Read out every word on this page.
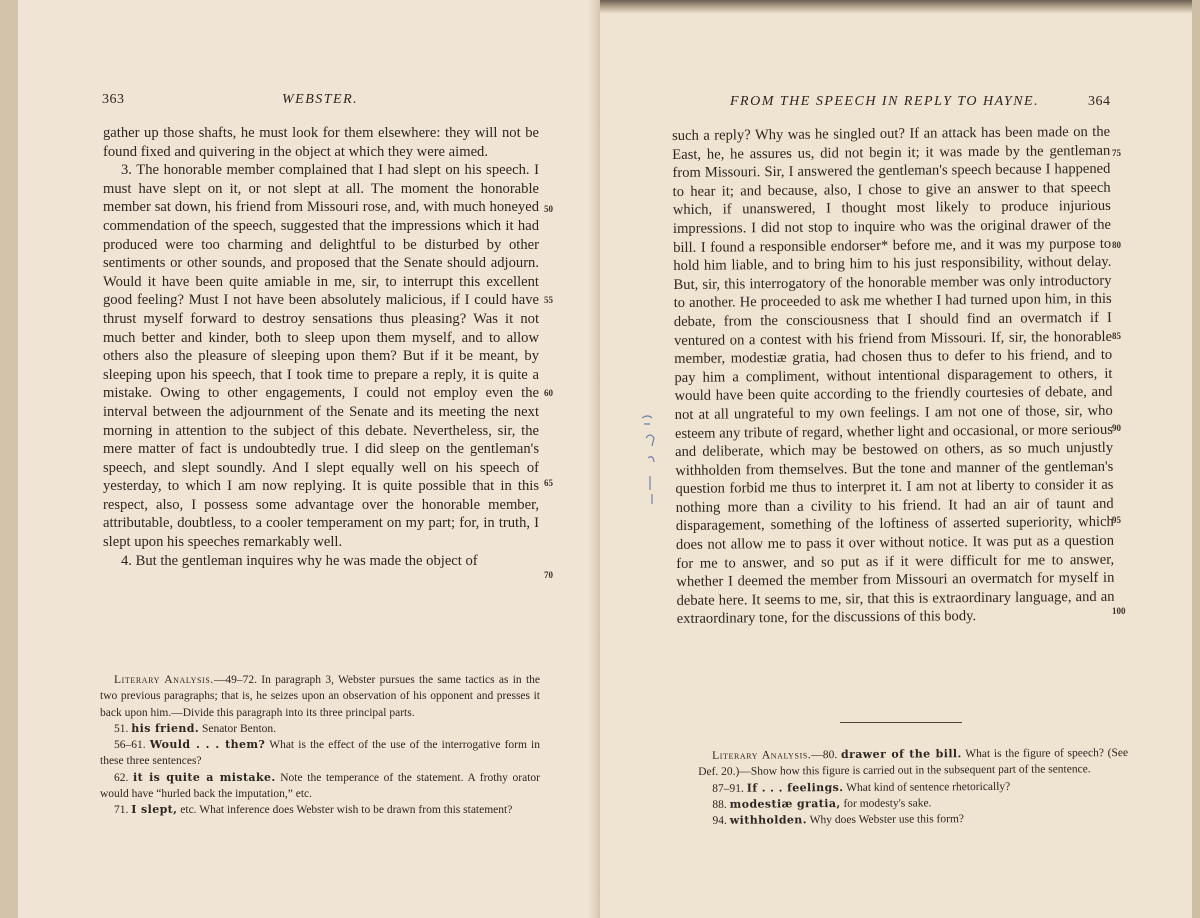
363	WEBSTER.

gather up those shafts, he must look for them elsewhere: they will not be found fixed and quivering in the object at which they were aimed.

3. The honorable member complained that I had slept on his speech. I must have slept on it, or not slept at all. The moment the honorable member sat down, his friend from Missouri rose, and, with much honeyed commendation of the speech, suggested that the impressions which it had produced were too charming and delightful to be disturbed by other sentiments or other sounds, and proposed that the Senate should adjourn. Would it have been quite amiable in me, sir, to interrupt this excellent good feeling? Must I not have been absolutely malicious, if I could have thrust myself forward to destroy sensations thus pleasing? Was it not much better and kinder, both to sleep upon them myself, and to allow others also the pleasure of sleeping upon them? But if it be meant, by sleeping upon his speech, that I took time to prepare a reply, it is quite a mistake. Owing to other engagements, I could not employ even the interval between the adjournment of the Senate and its meeting the next morning in attention to the subject of this debate. Nevertheless, sir, the mere matter of fact is undoubtedly true. I did sleep on the gentleman's speech, and slept soundly. And I slept equally well on his speech of yesterday, to which I am now replying. It is quite possible that in this respect, also, I possess some advantage over the honorable member, attributable, doubtless, to a cooler temperament on my part; for, in truth, I slept upon his speeches remarkably well.

4. But the gentleman inquires why he was made the object of

50
55
60
65
70

Literary Analysis.—49–72. In paragraph 3, Webster pursues the same tactics as in the two previous paragraphs; that is, he seizes upon an observation of his opponent and presses it back upon him.—Divide this paragraph into its three principal parts.

51. his friend. Senator Benton.

56–61. Would . . . them? What is the effect of the use of the interrogative form in these three sentences?

62. it is quite a mistake. Note the temperance of the statement. A frothy orator would have “hurled back the imputation,” etc.

71. I slept, etc. What inference does Webster wish to be drawn from this statement?

FROM THE SPEECH IN REPLY TO HAYNE.	364

such a reply? Why was he singled out? If an attack has been made on the East, he, he assures us, did not begin it; it was made by the gentleman from Missouri. Sir, I answered the gentleman's speech because I happened to hear it; and because, also, I chose to give an answer to that speech which, if unanswered, I thought most likely to produce injurious impressions. I did not stop to inquire who was the original drawer of the bill. I found a responsible endorser* before me, and it was my purpose to hold him liable, and to bring him to his just responsibility, without delay. But, sir, this interrogatory of the honorable member was only introductory to another. He proceeded to ask me whether I had turned upon him, in this debate, from the consciousness that I should find an overmatch if I ventured on a contest with his friend from Missouri. If, sir, the honorable member, modestiæ gratia, had chosen thus to defer to his friend, and to pay him a compliment, without intentional disparagement to others, it would have been quite according to the friendly courtesies of debate, and not at all ungrateful to my own feelings. I am not one of those, sir, who esteem any tribute of regard, whether light and occasional, or more serious and deliberate, which may be bestowed on others, as so much unjustly withholden from themselves. But the tone and manner of the gentleman's question forbid me thus to interpret it. I am not at liberty to consider it as nothing more than a civility to his friend. It had an air of taunt and disparagement, something of the loftiness of asserted superiority, which does not allow me to pass it over without notice. It was put as a question for me to answer, and so put as if it were difficult for me to answer, whether I deemed the member from Missouri an overmatch for myself in debate here. It seems to me, sir, that this is extraordinary language, and an extraordinary tone, for the discussions of this body.

75
80
85
90
95
100

Literary Analysis.—80. drawer of the bill. What is the figure of speech? (See Def. 20.)—Show how this figure is carried out in the subsequent part of the sentence.

87–91. If . . . feelings. What kind of sentence rhetorically?

88. modestiæ gratia, for modesty's sake.

94. withholden. Why does Webster use this form?
